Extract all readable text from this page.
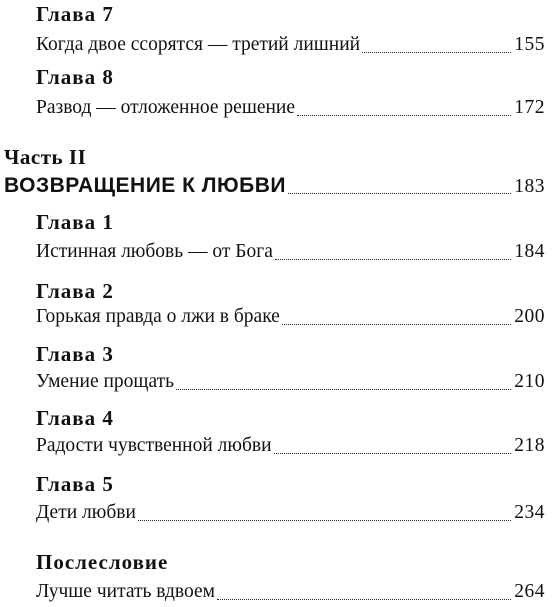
Глава 7
Когда двое ссорятся — третий лишний	155
Глава 8
Развод — отложенное решение	172
Часть II
ВОЗВРАЩЕНИЕ К ЛЮБВИ	183
Глава 1
Истинная любовь — от Бога	184
Глава 2
Горькая правда о лжи в браке	200
Глава 3
Умение прощать	210
Глава 4
Радости чувственной любви	218
Глава 5
Дети любви	234
Послесловие
Лучше читать вдвоем	264
